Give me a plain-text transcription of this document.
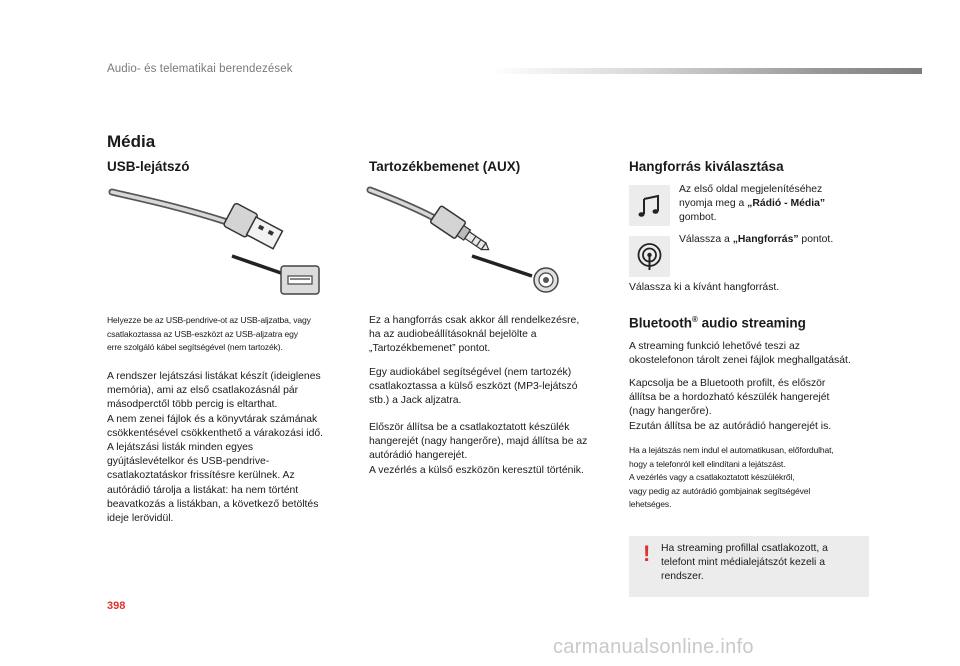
Audio- és telematikai berendezések
Média
USB-lejátszó
Helyezze be az USB-pendrive-ot az USB-aljzatba, vagy
csatlakoztassa az USB-eszközt az USB-aljzatra egy
erre szolgáló kábel segítségével (nem tartozék).
A rendszer lejátszási listákat készít (ideiglenes
memória), ami az első csatlakozásnál pár
másodperctől több percig is eltarthat.
A nem zenei fájlok és a könyvtárak számának
csökkentésével csökkenthető a várakozási idő.
A lejátszási listák minden egyes
gyújtáslevételkor és USB-pendrive-
csatlakoztatáskor frissítésre kerülnek. Az
autórádió tárolja a listákat: ha nem történt
beavatkozás a listákban, a következő betöltés
ideje lerövidül.
Tartozékbemenet (AUX)
Ez a hangforrás csak akkor áll rendelkezésre,
ha az audiobeállításoknál bejelölte a
„Tartozékbemenet” pontot.
Egy audiokábel segítségével (nem tartozék)
csatlakoztassa a külső eszközt (MP3-lejátszó
stb.) a Jack aljzatra.
Először állítsa be a csatlakoztatott készülék
hangerejét (nagy hangerőre), majd állítsa be az
autórádió hangerejét.
A vezérlés a külső eszközön keresztül történik.
Hangforrás kiválasztása
Az első oldal megjelenítéséhez
nyomja meg a „Rádió - Média”
gombot.
Válassza a „Hangforrás” pontot.
Válassza ki a kívánt hangforrást.
Bluetooth® audio streaming
A streaming funkció lehetővé teszi az
okostelefonon tárolt zenei fájlok meghallgatását.
Kapcsolja be a Bluetooth profilt, és először
állítsa be a hordozható készülék hangerejét
(nagy hangerőre).
Ezután állítsa be az autórádió hangerejét is.
Ha a lejátszás nem indul el automatikusan, előfordulhat,
hogy a telefonról kell elindítani a lejátszást.
A vezérlés vagy a csatlakoztatott készülékről,
vagy pedig az autórádió gombjainak segítségével
lehetséges.
! Ha streaming profillal csatlakozott, a
telefont mint médialejátszót kezeli a
rendszer.
398
carmanualsonline.info
